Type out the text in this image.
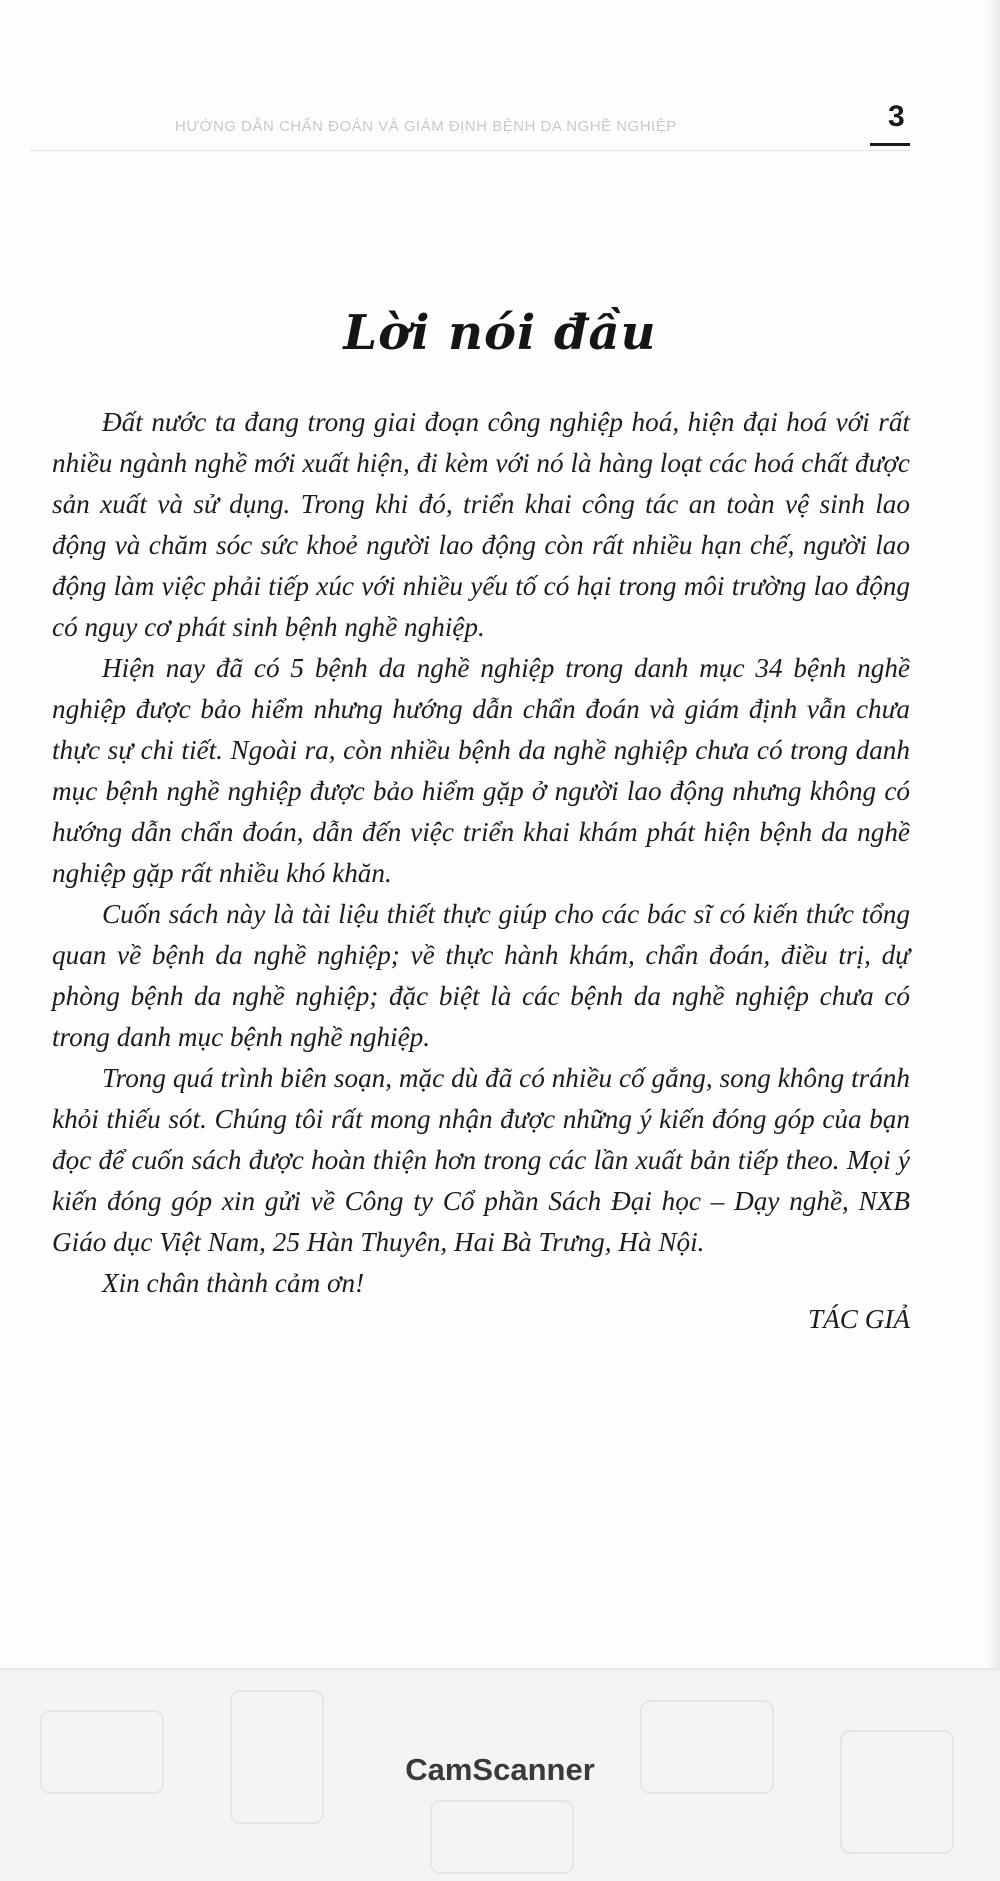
HƯỚNG DẪN CHẨN ĐOÁN VÀ GIÁM ĐỊNH BỆNH DA NGHỀ NGHIỆP	3
Lời nói đầu

Đất nước ta đang trong giai đoạn công nghiệp hoá, hiện đại hoá với rất nhiều ngành nghề mới xuất hiện, đi kèm với nó là hàng loạt các hoá chất được sản xuất và sử dụng. Trong khi đó, triển khai công tác an toàn vệ sinh lao động và chăm sóc sức khoẻ người lao động còn rất nhiều hạn chế, người lao động làm việc phải tiếp xúc với nhiều yếu tố có hại trong môi trường lao động có nguy cơ phát sinh bệnh nghề nghiệp.

Hiện nay đã có 5 bệnh da nghề nghiệp trong danh mục 34 bệnh nghề nghiệp được bảo hiểm nhưng hướng dẫn chẩn đoán và giám định vẫn chưa thực sự chi tiết. Ngoài ra, còn nhiều bệnh da nghề nghiệp chưa có trong danh mục bệnh nghề nghiệp được bảo hiểm gặp ở người lao động nhưng không có hướng dẫn chẩn đoán, dẫn đến việc triển khai khám phát hiện bệnh da nghề nghiệp gặp rất nhiều khó khăn.

Cuốn sách này là tài liệu thiết thực giúp cho các bác sĩ có kiến thức tổng quan về bệnh da nghề nghiệp; về thực hành khám, chẩn đoán, điều trị, dự phòng bệnh da nghề nghiệp; đặc biệt là các bệnh da nghề nghiệp chưa có trong danh mục bệnh nghề nghiệp.

Trong quá trình biên soạn, mặc dù đã có nhiều cố gắng, song không tránh khỏi thiếu sót. Chúng tôi rất mong nhận được những ý kiến đóng góp của bạn đọc để cuốn sách được hoàn thiện hơn trong các lần xuất bản tiếp theo. Mọi ý kiến đóng góp xin gửi về Công ty Cổ phần Sách Đại học – Dạy nghề, NXB Giáo dục Việt Nam, 25 Hàn Thuyên, Hai Bà Trưng, Hà Nội.

Xin chân thành cảm ơn!

TÁC GIẢ
CamScanner
